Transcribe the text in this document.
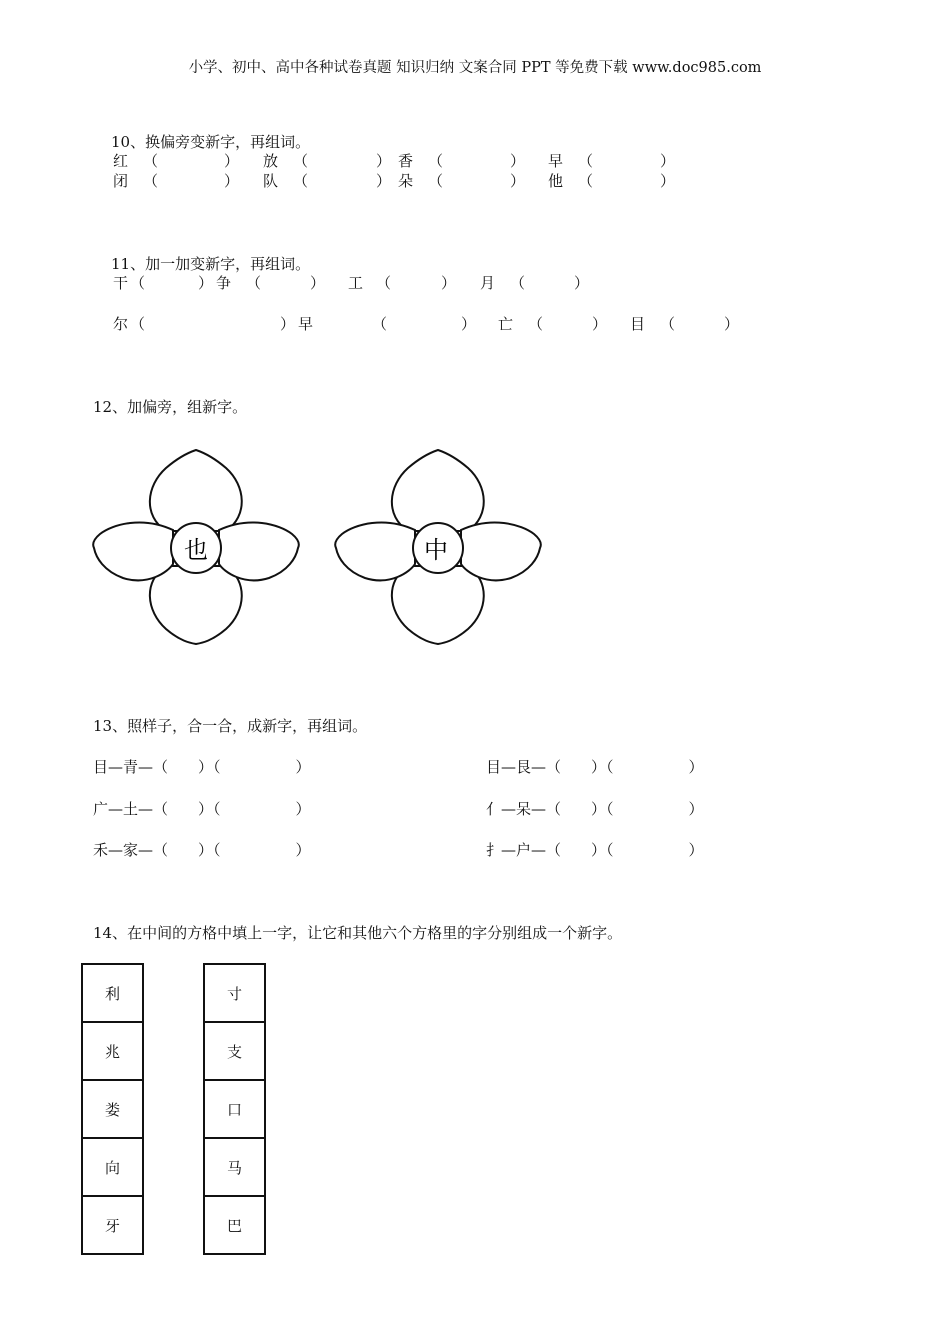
小学、初中、高中各种试卷真题 知识归纳 文案合同 PPT 等免费下载 www.doc985.com
10、换偏旁变新字，再组词。
红 （	） 放 （	） 香 （	） 早 （	）
闭 （	） 队 （	） 朵 （	） 他 （	）
11、加一加变新字，再组词。
干 （	） 争 （	） 工 （	） 月 （	）
尔 （	） 早	（	） 亡 （	） 目 （	）
12、加偏旁，组新字。
也	中
13、照样子，合一合，成新字，再组词。
目—青—（　　）（　　　　　）
广—土—（　　）（　　　　　）
禾—家—（　　）（　　　　　）
目—艮—（　　）（　　　　　）
亻—呆—（　　）（　　　　　）
扌—户—（　　）（　　　　　）
14、在中间的方格中填上一字，让它和其他六个方格里的字分别组成一个新字。
利		寸
兆		支
娄		口
向		马
牙		巴
